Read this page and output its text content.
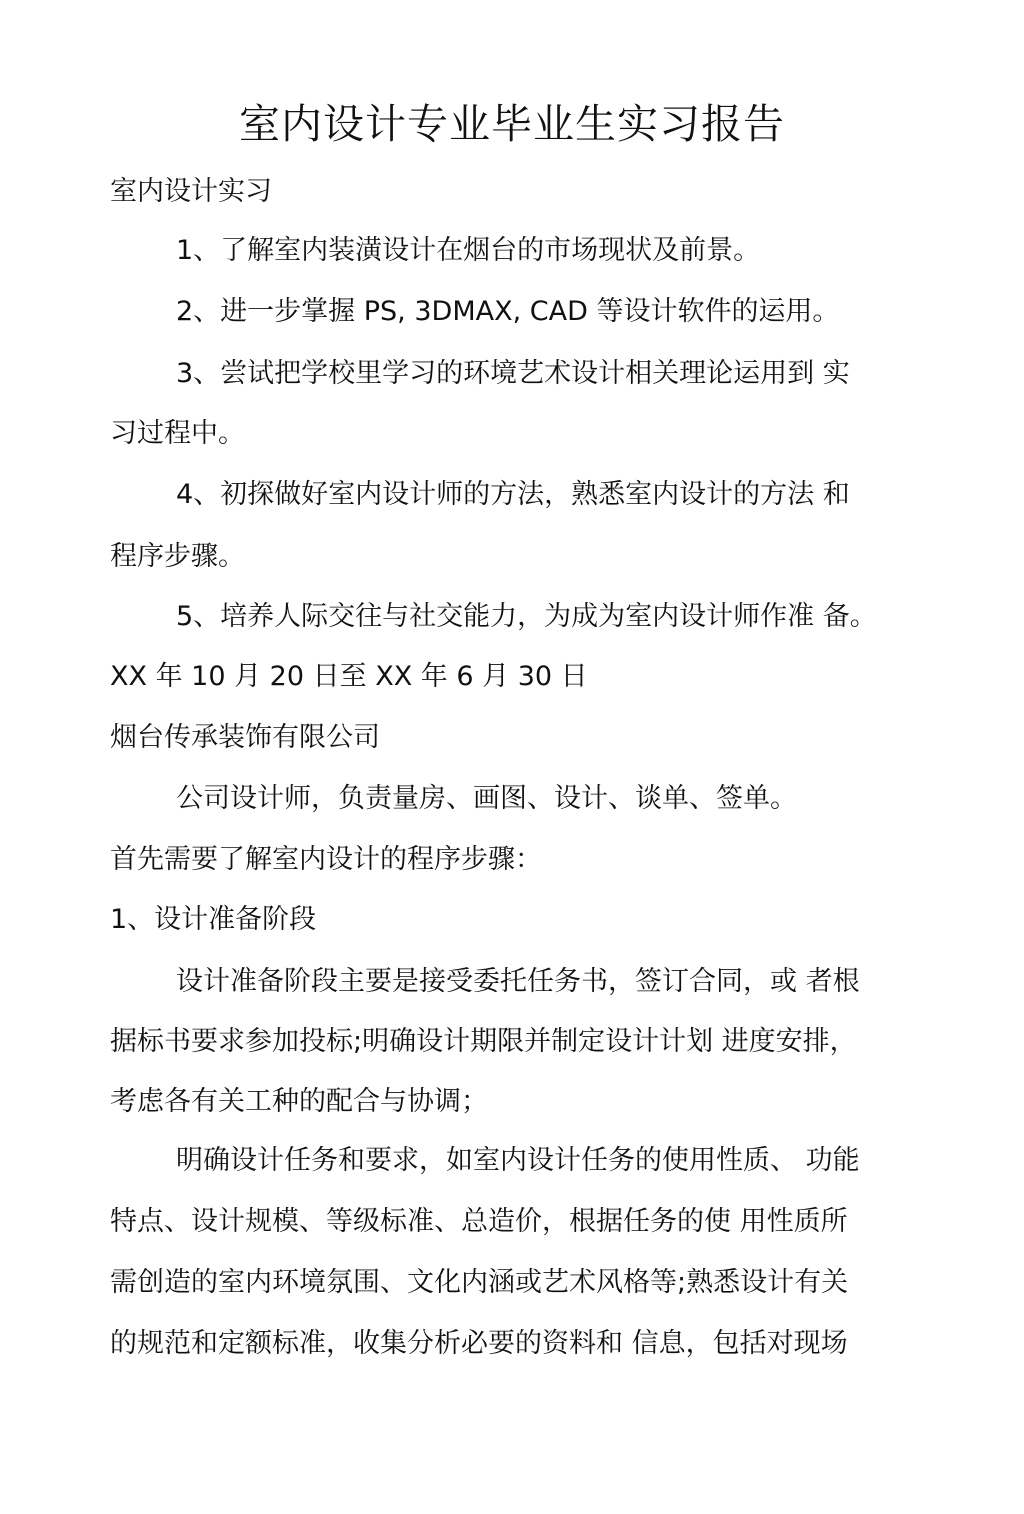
室内设计专业毕业生实习报告

室内设计实习

1、了解室内装潢设计在烟台的市场现状及前景。

2、进一步掌握 PS, 3DMAX, CAD 等设计软件的运用。

3、尝试把学校里学习的环境艺术设计相关理论运用到 实

习过程中。

4、初探做好室内设计师的方法，熟悉室内设计的方法 和

程序步骤。

5、培养人际交往与社交能力，为成为室内设计师作准 备。

XX 年 10 月 20 日至 XX 年 6 月 30 日

烟台传承装饰有限公司

公司设计师，负责量房、画图、设计、谈单、签单。

首先需要了解室内设计的程序步骤：

1、设计准备阶段

设计准备阶段主要是接受委托任务书，签订合同，或 者根

据标书要求参加投标;明确设计期限并制定设计计划 进度安排，

考虑各有关工种的配合与协调；

明确设计任务和要求，如室内设计任务的使用性质、 功能

特点、设计规模、等级标准、总造价，根据任务的使 用性质所

需创造的室内环境氛围、文化内涵或艺术风格等;熟悉设计有关

的规范和定额标准，收集分析必要的资料和 信息，包括对现场
